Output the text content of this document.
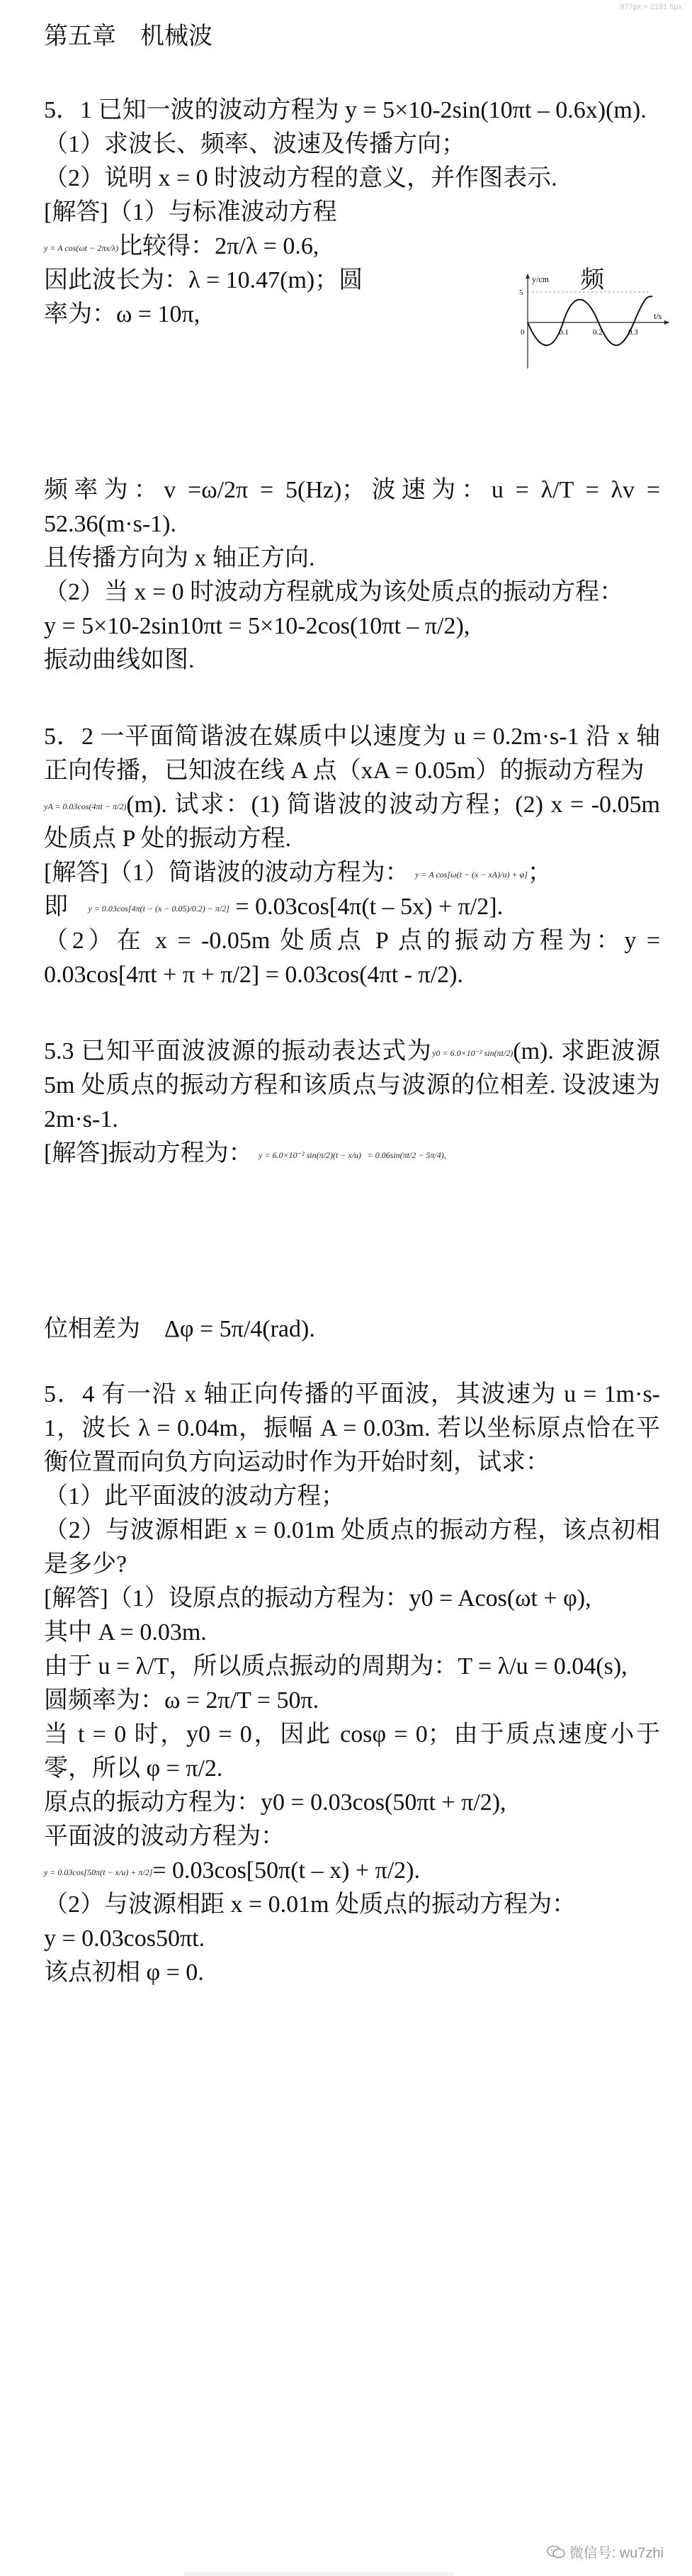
977px × 2181 5px

第五章　机械波

5．1 已知一波的波动方程为 y = 5×10-2sin(10πt – 0.6x)(m).

（1）求波长、频率、波速及传播方向；

（2）说明 x = 0 时波动方程的意义，并作图表示.

[解答]（1）与标准波动方程

y = A cos(ωt − 2πx/λ)比较得：2π/λ = 0.6,

因此波长为：λ = 10.47(m)；圆	频

率为：ω = 10π,

频率为：v =ω/2π = 5(Hz)；波速为：u = λ/T = λv = 52.36(m·s-1).

且传播方向为 x 轴正方向.

（2）当 x = 0 时波动方程就成为该处质点的振动方程：

y = 5×10-2sin10πt = 5×10-2cos(10πt – π/2),

振动曲线如图.

5．2 一平面简谐波在媒质中以速度为 u = 0.2m·s-1 沿 x 轴正向传播，已知波在线 A 点（xA = 0.05m）的振动方程为

yA = 0.03cos(4πt − π/2)(m). 试求：(1) 简谐波的波动方程；(2) x = -0.05m 处质点 P 处的振动方程.

[解答]（1）简谐波的波动方程为： y = A cos[ω(t − (x − xA)/u) + φ]；

即 y = 0.03cos[4π(t − (x − 0.05)/0.2) − π/2] = 0.03cos[4π(t – 5x) + π/2].

（2）在 x = -0.05m 处质点 P 点的振动方程为：y = 0.03cos[4πt + π + π/2] = 0.03cos(4πt - π/2).

5.3 已知平面波波源的振动表达式为y0 = 6.0×10⁻² sin(πt/2)(m). 求距波源 5m 处质点的振动方程和该质点与波源的位相差. 设波速为 2m·s-1.

[解答]振动方程为： y = 6.0×10⁻² sin(π/2)(t − x/u) = 0.06sin(πt/2 − 5π/4),

位相差为　Δφ = 5π/4(rad).

5．4 有一沿 x 轴正向传播的平面波，其波速为 u = 1m·s-1，波长 λ = 0.04m，振幅 A = 0.03m. 若以坐标原点恰在平衡位置而向负方向运动时作为开始时刻，试求：

（1）此平面波的波动方程；

（2）与波源相距 x = 0.01m 处质点的振动方程，该点初相是多少?

[解答]（1）设原点的振动方程为：y0 = Acos(ωt + φ),

其中 A = 0.03m.

由于 u = λ/T，所以质点振动的周期为：T = λ/u = 0.04(s),

圆频率为：ω = 2π/T = 50π.

当 t = 0 时，y0 = 0，因此 cosφ = 0；由于质点速度小于零，所以 φ = π/2.

原点的振动方程为：y0 = 0.03cos(50πt + π/2),

平面波的波动方程为：

y = 0.03cos[50π(t − x/u) + π/2]= 0.03cos[50π(t – x) + π/2).

（2）与波源相距 x = 0.01m 处质点的振动方程为：

y = 0.03cos50πt.

该点初相 φ = 0.

y/cm
5
t/s
0	0.1	0.2	0.3
微信号: wu7zhi
